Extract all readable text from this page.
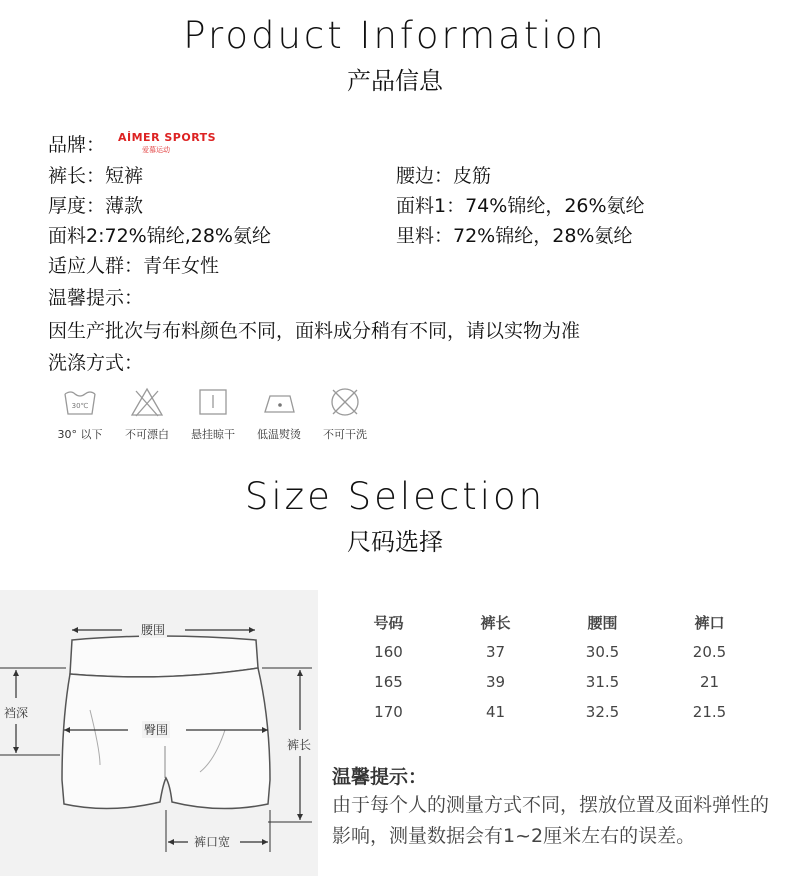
Product Information
产品信息
品牌： AİMER SPORTS
爱慕运动
裤长：短裤
厚度：薄款
面料2:72%锦纶,28%氨纶
适应人群：青年女性
腰边：皮筋
面料1：74%锦纶，26%氨纶
里料：72%锦纶，28%氨纶
温馨提示：
因生产批次与布料颜色不同，面料成分稍有不同，请以实物为准
洗涤方式：
30℃
30° 以下	不可漂白	悬挂晾干	低温熨烫	不可干洗
Size Selection
尺码选择
腰围
臀围
裆深
裤长
裤口宽
号码	裤长	腰围	裤口
160	37	30.5	20.5
165	39	31.5	21
170	41	32.5	21.5
温馨提示：
由于每个人的测量方式不同，摆放位置及面料弹性的影响，测量数据会有1~2厘米左右的误差。
